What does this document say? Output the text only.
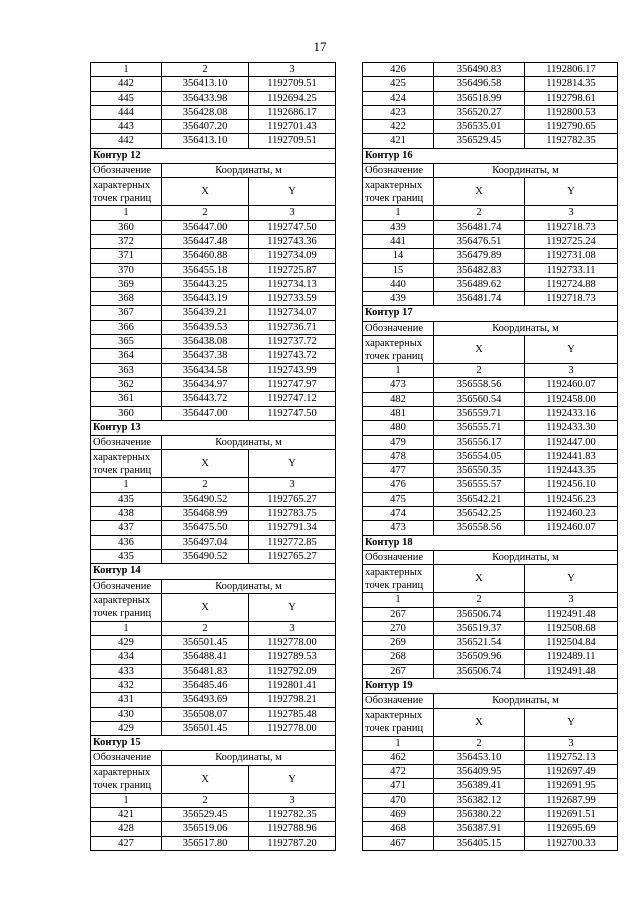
17
1	2	3
442	356413.10	1192709.51
445	356433.98	1192694.25
444	356428.08	1192686.17
443	356407.20	1192701.43
442	356413.10	1192709.51
Контур 12		
Обозначение	Координаты, м	
характерных точек границ	X	Y
1	2	3
360	356447.00	1192747.50
372	356447.48	1192743.36
371	356460.88	1192734.09
370	356455.18	1192725.87
369	356443.25	1192734.13
368	356443.19	1192733.59
367	356439.21	1192734.07
366	356439.53	1192736.71
365	356438.08	1192737.72
364	356437.38	1192743.72
363	356434.58	1192743.99
362	356434.97	1192747.97
361	356443.72	1192747.12
360	356447.00	1192747.50
Контур 13		
Обозначение	Координаты, м	
характерных точек границ	X	Y
1	2	3
435	356490.52	1192765.27
438	356468.99	1192783.75
437	356475.50	1192791.34
436	356497.04	1192772.85
435	356490.52	1192765.27
Контур 14		
Обозначение	Координаты, м	
характерных точек границ	X	Y
1	2	3
429	356501.45	1192778.00
434	356488.41	1192789.53
433	356481.83	1192792.09
432	356485.46	1192801.41
431	356493.69	1192798.21
430	356508.07	1192785.48
429	356501.45	1192778.00
Контур 15		
Обозначение	Координаты, м	
характерных точек границ	X	Y
1	2	3
421	356529.45	1192782.35
428	356519.06	1192788.96
427	356517.80	1192787.20
426	356490.83	1192806.17
425	356496.58	1192814.35
424	356518.99	1192798.61
423	356520.27	1192800.53
422	356535.01	1192790.65
421	356529.45	1192782.35
Контур 16		
Обозначение	Координаты, м	
характерных точек границ	X	Y
1	2	3
439	356481.74	1192718.73
441	356476.51	1192725.24
14	356479.89	1192731.08
15	356482.83	1192733.11
440	356489.62	1192724.88
439	356481.74	1192718.73
Контур 17		
Обозначение	Координаты, м	
характерных точек границ	X	Y
1	2	3
473	356558.56	1192460.07
482	356560.54	1192458.00
481	356559.71	1192433.16
480	356555.71	1192433.30
479	356556.17	1192447.00
478	356554.05	1192441.83
477	356550.35	1192443.35
476	356555.57	1192456.10
475	356542.21	1192456.23
474	356542.25	1192460.23
473	356558.56	1192460.07
Контур 18		
Обозначение	Координаты, м	
характерных точек границ	X	Y
1	2	3
267	356506.74	1192491.48
270	356519.37	1192508.68
269	356521.54	1192504.84
268	356509.96	1192489.11
267	356506.74	1192491.48
Контур 19		
Обозначение	Координаты, м	
характерных точек границ	X	Y
1	2	3
462	356453.10	1192752.13
472	356409.95	1192697.49
471	356389.41	1192691.95
470	356382.12	1192687.99
469	356380.22	1192691.51
468	356387.91	1192695.69
467	356405.15	1192700.33
